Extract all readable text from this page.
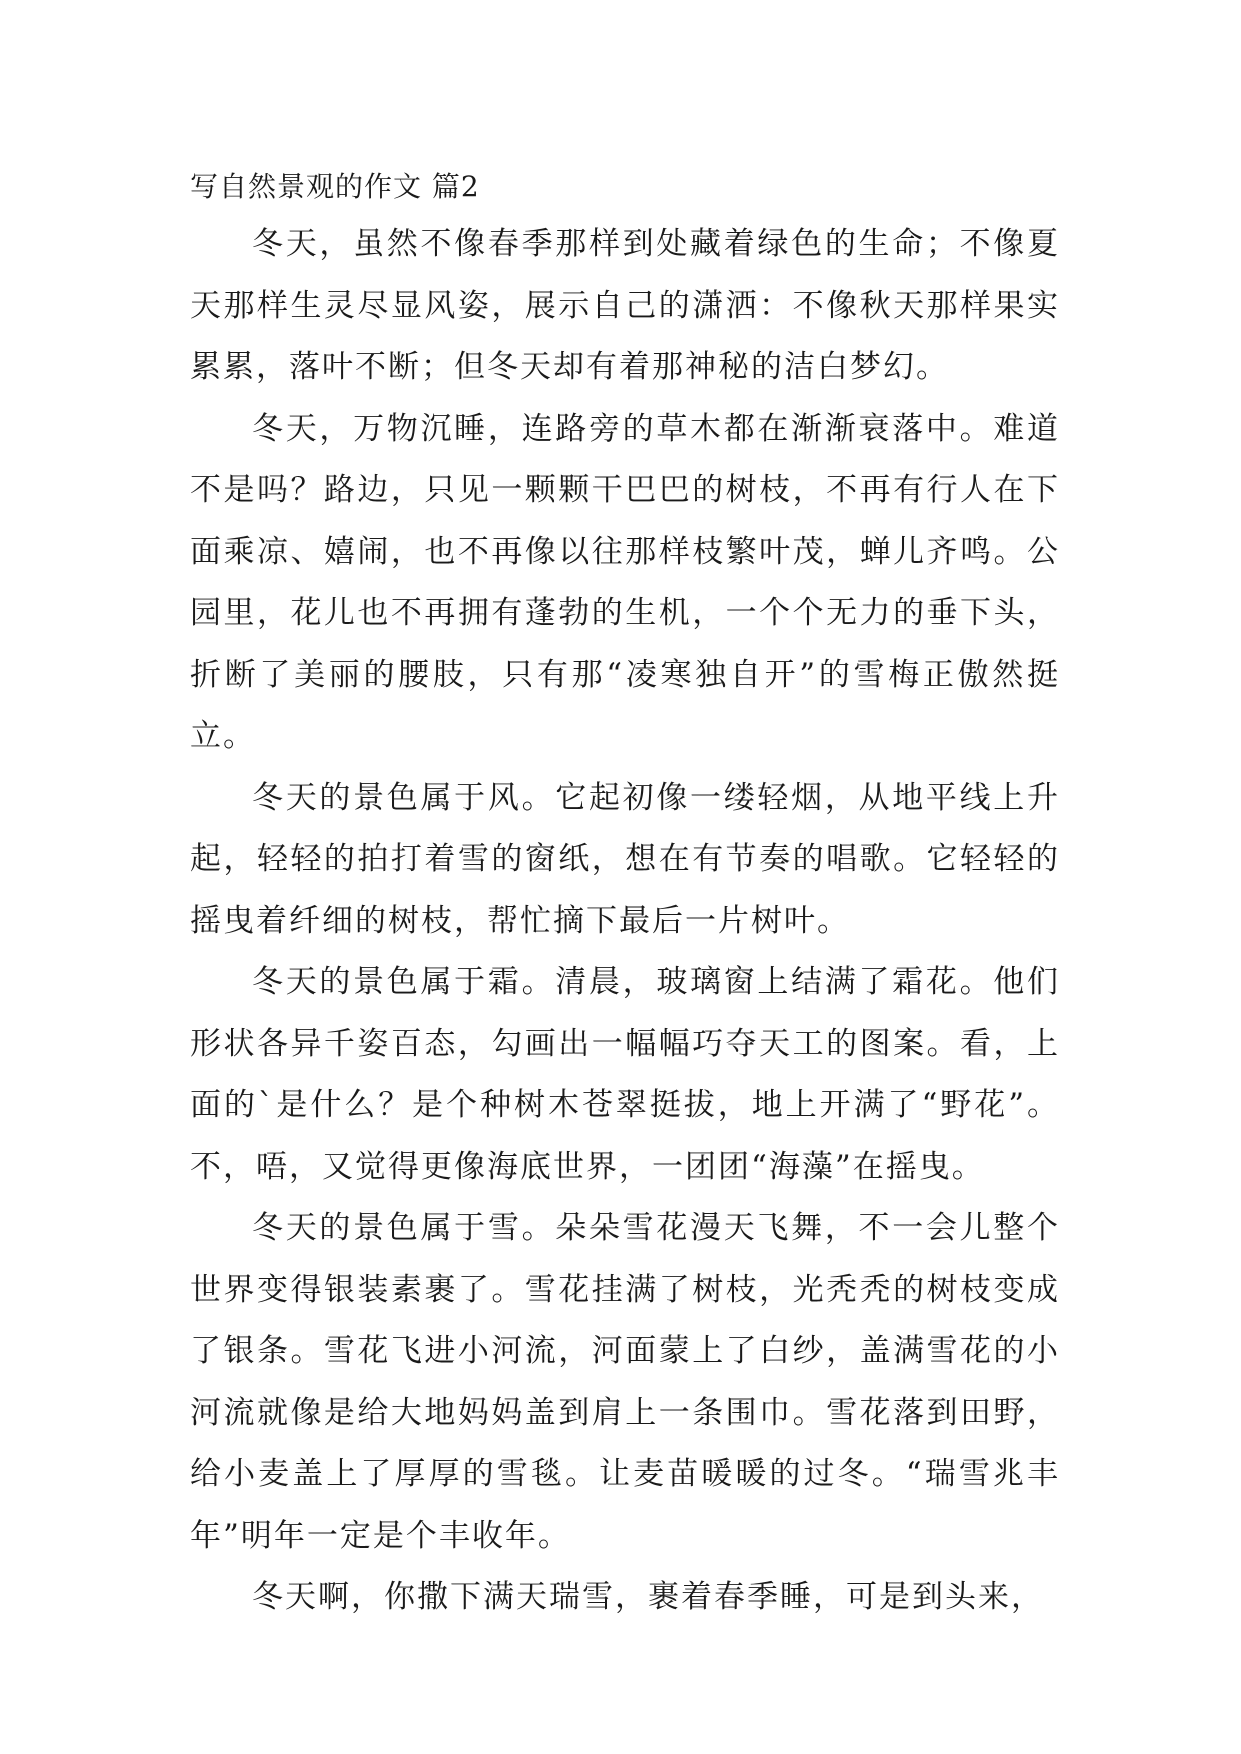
写自然景观的作文 篇2

冬天，虽然不像春季那样到处藏着绿色的生命；不像夏天那样生灵尽显风姿，展示自己的潇洒：不像秋天那样果实累累，落叶不断；但冬天却有着那神秘的洁白梦幻。

冬天，万物沉睡，连路旁的草木都在渐渐衰落中。难道不是吗？路边，只见一颗颗干巴巴的树枝，不再有行人在下面乘凉、嬉闹，也不再像以往那样枝繁叶茂，蝉儿齐鸣。公园里，花儿也不再拥有蓬勃的生机，一个个无力的垂下头，折断了美丽的腰肢，只有那“凌寒独自开”的雪梅正傲然挺立。

冬天的景色属于风。它起初像一缕轻烟，从地平线上升起，轻轻的拍打着雪的窗纸，想在有节奏的唱歌。它轻轻的摇曳着纤细的树枝，帮忙摘下最后一片树叶。

冬天的景色属于霜。清晨，玻璃窗上结满了霜花。他们形状各异千姿百态，勾画出一幅幅巧夺天工的图案。看，上面的`是什么？是个种树木苍翠挺拔，地上开满了“野花”。不，唔，又觉得更像海底世界，一团团“海藻”在摇曳。

冬天的景色属于雪。朵朵雪花漫天飞舞，不一会儿整个世界变得银装素裹了。雪花挂满了树枝，光秃秃的树枝变成了银条。雪花飞进小河流，河面蒙上了白纱，盖满雪花的小河流就像是给大地妈妈盖到肩上一条围巾。雪花落到田野，给小麦盖上了厚厚的雪毯。让麦苗暖暖的过冬。“瑞雪兆丰年”明年一定是个丰收年。

冬天啊，你撒下满天瑞雪，裹着春季睡，可是到头来，
